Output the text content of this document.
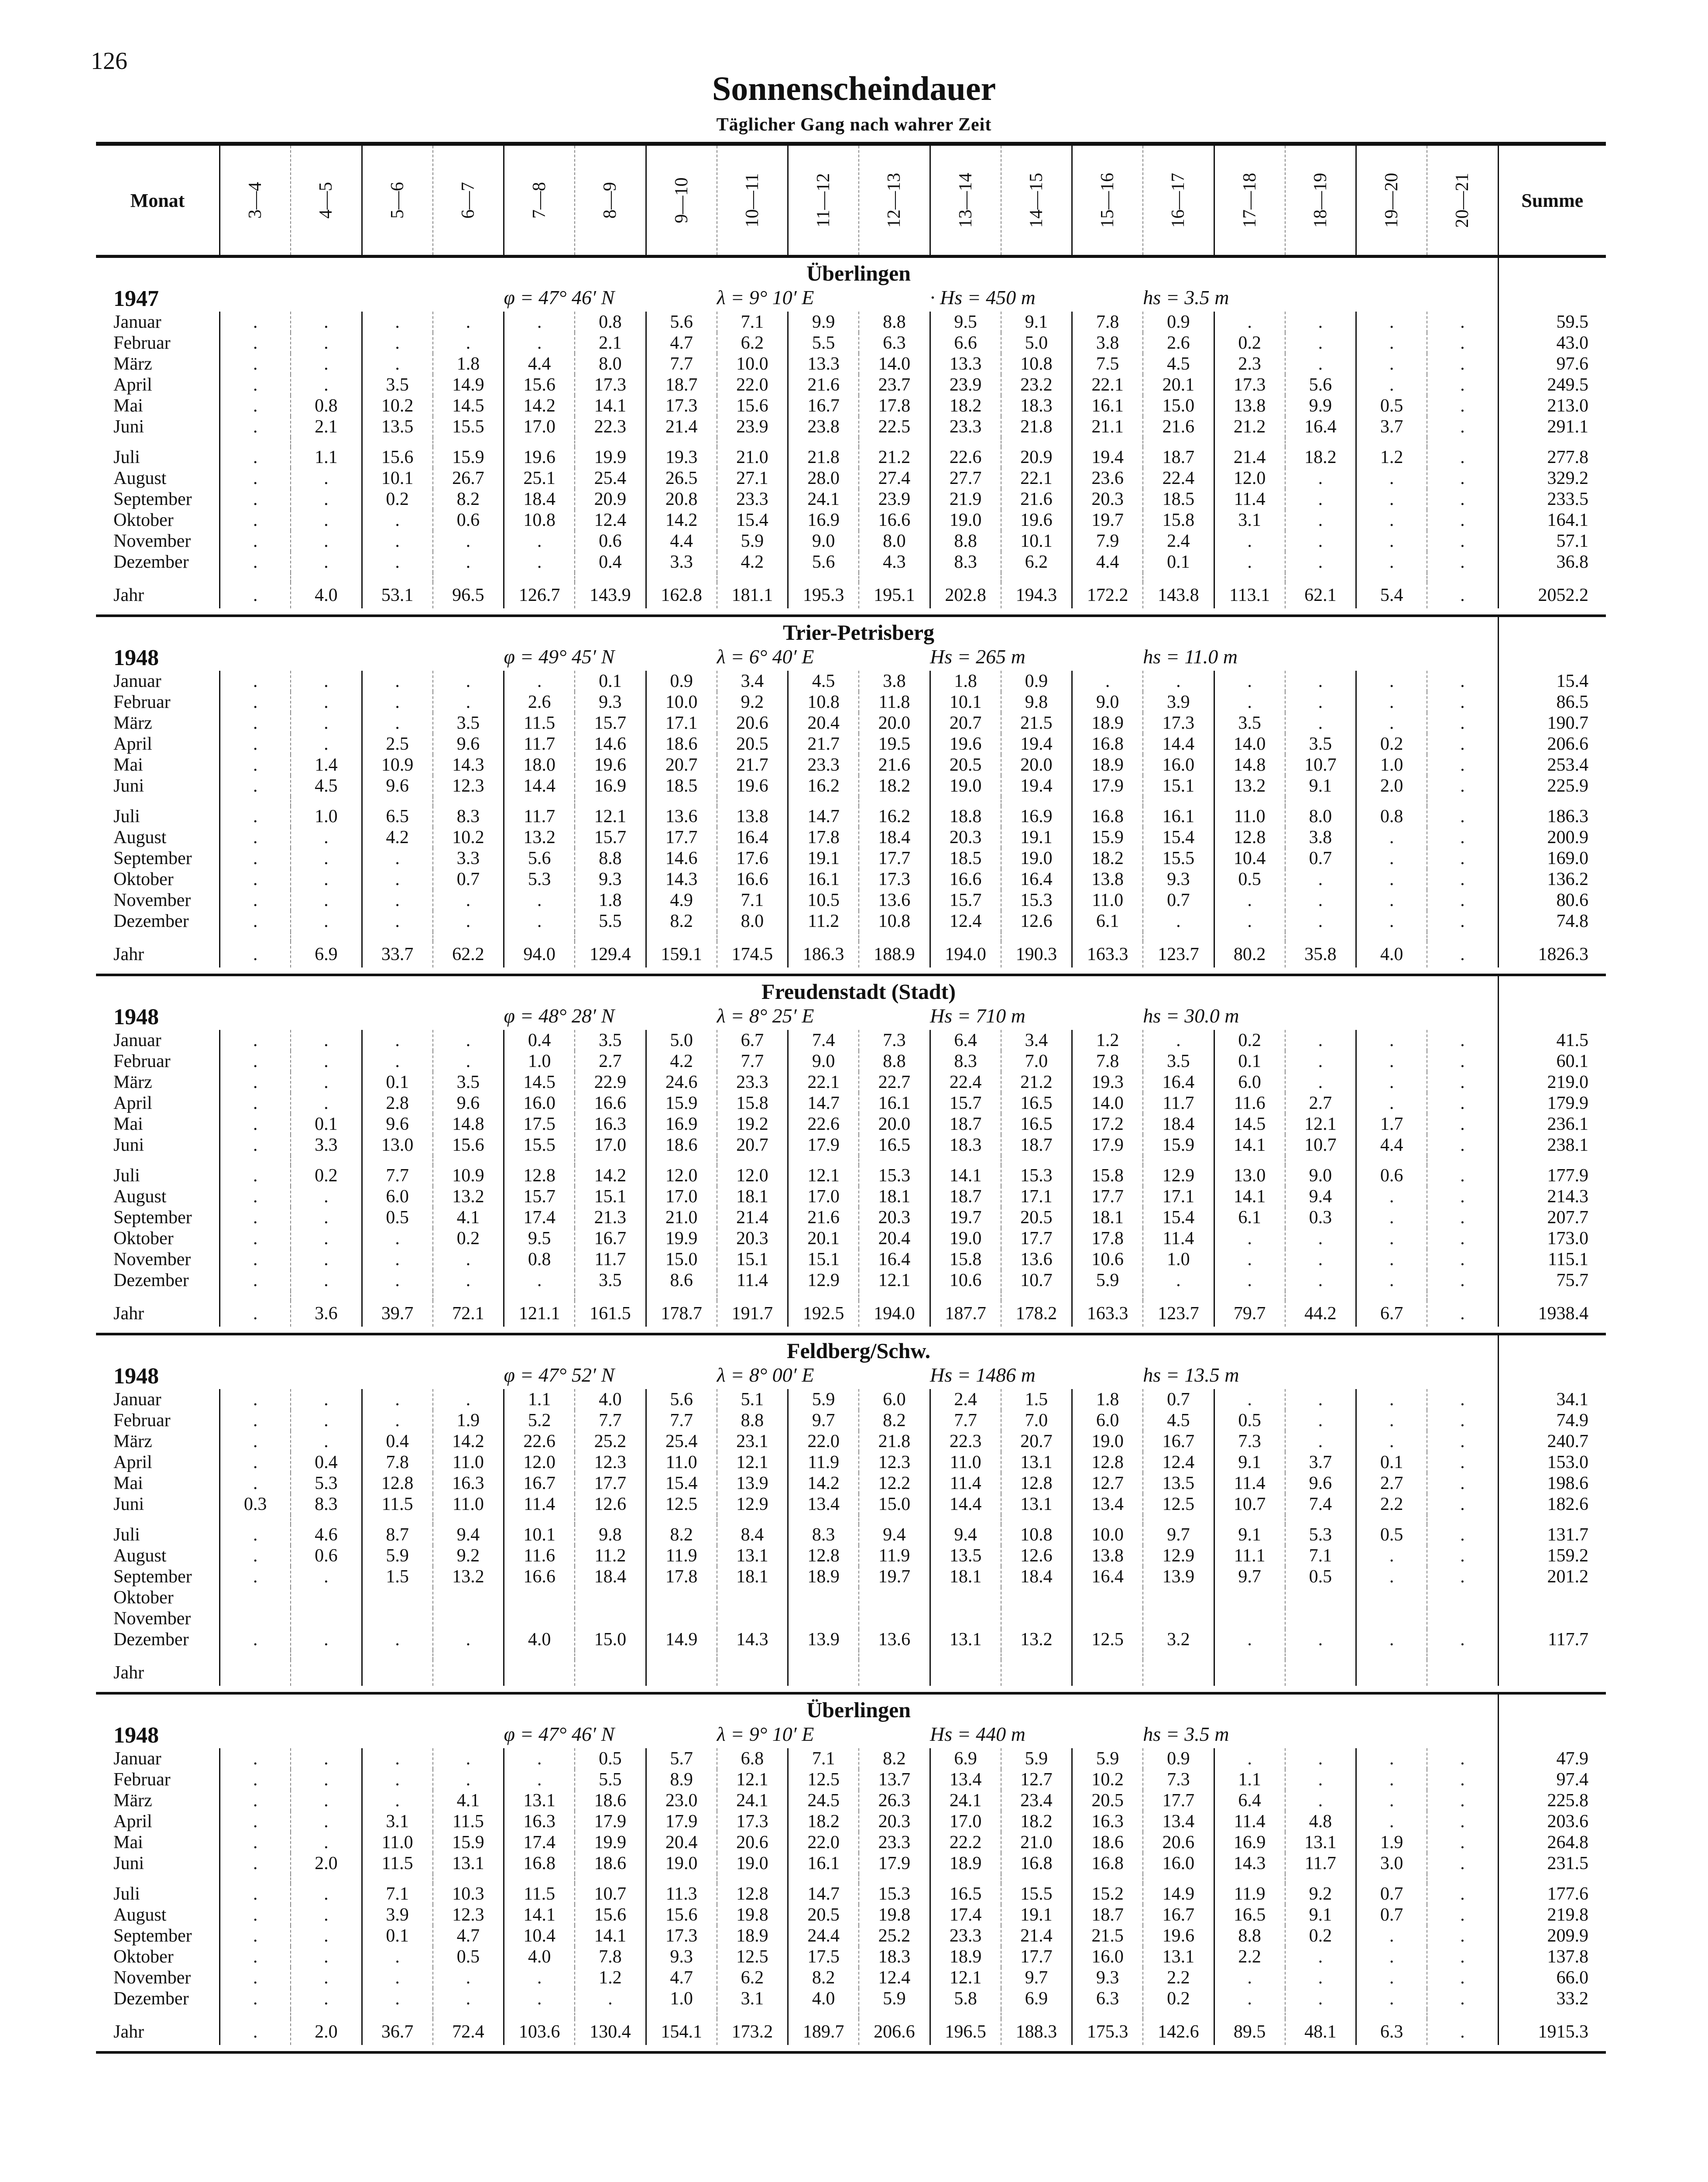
126
Sonnenscheindauer
Täglicher Gang nach wahrer Zeit
Monat	3—4	4—5	5—6	6—7	7—8	8—9	9—10	10—11	11—12	12—13	13—14	14—15	15—16	16—17	17—18	18—19	19—20	20—21	Summe
	Überlingen																		
1947					φ = 47° 46′ N			λ = 9° 10′ E			· Hs = 450 m			hs = 3.5 m					
Januar	.	.	.	.	.	0.8	5.6	7.1	9.9	8.8	9.5	9.1	7.8	0.9	.	.	.	.	59.5
Februar	.	.	.	.	.	2.1	4.7	6.2	5.5	6.3	6.6	5.0	3.8	2.6	0.2	.	.	.	43.0
März	.	.	.	1.8	4.4	8.0	7.7	10.0	13.3	14.0	13.3	10.8	7.5	4.5	2.3	.	.	.	97.6
April	.	.	3.5	14.9	15.6	17.3	18.7	22.0	21.6	23.7	23.9	23.2	22.1	20.1	17.3	5.6	.	.	249.5
Mai	.	0.8	10.2	14.5	14.2	14.1	17.3	15.6	16.7	17.8	18.2	18.3	16.1	15.0	13.8	9.9	0.5	.	213.0
Juni	.	2.1	13.5	15.5	17.0	22.3	21.4	23.9	23.8	22.5	23.3	21.8	21.1	21.6	21.2	16.4	3.7	.	291.1

Juli	.	1.1	15.6	15.9	19.6	19.9	19.3	21.0	21.8	21.2	22.6	20.9	19.4	18.7	21.4	18.2	1.2	.	277.8
August	.	.	10.1	26.7	25.1	25.4	26.5	27.1	28.0	27.4	27.7	22.1	23.6	22.4	12.0	.	.	.	329.2
September	.	.	0.2	8.2	18.4	20.9	20.8	23.3	24.1	23.9	21.9	21.6	20.3	18.5	11.4	.	.	.	233.5
Oktober	.	.	.	0.6	10.8	12.4	14.2	15.4	16.9	16.6	19.0	19.6	19.7	15.8	3.1	.	.	.	164.1
November	.	.	.	.	.	0.6	4.4	5.9	9.0	8.0	8.8	10.1	7.9	2.4	.	.	.	.	57.1
Dezember	.	.	.	.	.	0.4	3.3	4.2	5.6	4.3	8.3	6.2	4.4	0.1	.	.	.	.	36.8

Jahr	.	4.0	53.1	96.5	126.7	143.9	162.8	181.1	195.3	195.1	202.8	194.3	172.2	143.8	113.1	62.1	5.4	.	2052.2

	Trier-Petrisberg																		
1948					φ = 49° 45′ N			λ = 6° 40′ E			Hs = 265 m			hs = 11.0 m					
Januar	.	.	.	.	.	0.1	0.9	3.4	4.5	3.8	1.8	0.9	.	.	.	.	.	.	15.4
Februar	.	.	.	.	2.6	9.3	10.0	9.2	10.8	11.8	10.1	9.8	9.0	3.9	.	.	.	.	86.5
März	.	.	.	3.5	11.5	15.7	17.1	20.6	20.4	20.0	20.7	21.5	18.9	17.3	3.5	.	.	.	190.7
April	.	.	2.5	9.6	11.7	14.6	18.6	20.5	21.7	19.5	19.6	19.4	16.8	14.4	14.0	3.5	0.2	.	206.6
Mai	.	1.4	10.9	14.3	18.0	19.6	20.7	21.7	23.3	21.6	20.5	20.0	18.9	16.0	14.8	10.7	1.0	.	253.4
Juni	.	4.5	9.6	12.3	14.4	16.9	18.5	19.6	16.2	18.2	19.0	19.4	17.9	15.1	13.2	9.1	2.0	.	225.9

Juli	.	1.0	6.5	8.3	11.7	12.1	13.6	13.8	14.7	16.2	18.8	16.9	16.8	16.1	11.0	8.0	0.8	.	186.3
August	.	.	4.2	10.2	13.2	15.7	17.7	16.4	17.8	18.4	20.3	19.1	15.9	15.4	12.8	3.8	.	.	200.9
September	.	.	.	3.3	5.6	8.8	14.6	17.6	19.1	17.7	18.5	19.0	18.2	15.5	10.4	0.7	.	.	169.0
Oktober	.	.	.	0.7	5.3	9.3	14.3	16.6	16.1	17.3	16.6	16.4	13.8	9.3	0.5	.	.	.	136.2
November	.	.	.	.	.	1.8	4.9	7.1	10.5	13.6	15.7	15.3	11.0	0.7	.	.	.	.	80.6
Dezember	.	.	.	.	.	5.5	8.2	8.0	11.2	10.8	12.4	12.6	6.1	.	.	.	.	.	74.8

Jahr	.	6.9	33.7	62.2	94.0	129.4	159.1	174.5	186.3	188.9	194.0	190.3	163.3	123.7	80.2	35.8	4.0	.	1826.3

	Freudenstadt (Stadt)																		
1948					φ = 48° 28′ N			λ = 8° 25′ E			Hs = 710 m			hs = 30.0 m					
Januar	.	.	.	.	0.4	3.5	5.0	6.7	7.4	7.3	6.4	3.4	1.2	.	0.2	.	.	.	41.5
Februar	.	.	.	.	1.0	2.7	4.2	7.7	9.0	8.8	8.3	7.0	7.8	3.5	0.1	.	.	.	60.1
März	.	.	0.1	3.5	14.5	22.9	24.6	23.3	22.1	22.7	22.4	21.2	19.3	16.4	6.0	.	.	.	219.0
April	.	.	2.8	9.6	16.0	16.6	15.9	15.8	14.7	16.1	15.7	16.5	14.0	11.7	11.6	2.7	.	.	179.9
Mai	.	0.1	9.6	14.8	17.5	16.3	16.9	19.2	22.6	20.0	18.7	16.5	17.2	18.4	14.5	12.1	1.7	.	236.1
Juni	.	3.3	13.0	15.6	15.5	17.0	18.6	20.7	17.9	16.5	18.3	18.7	17.9	15.9	14.1	10.7	4.4	.	238.1

Juli	.	0.2	7.7	10.9	12.8	14.2	12.0	12.0	12.1	15.3	14.1	15.3	15.8	12.9	13.0	9.0	0.6	.	177.9
August	.	.	6.0	13.2	15.7	15.1	17.0	18.1	17.0	18.1	18.7	17.1	17.7	17.1	14.1	9.4	.	.	214.3
September	.	.	0.5	4.1	17.4	21.3	21.0	21.4	21.6	20.3	19.7	20.5	18.1	15.4	6.1	0.3	.	.	207.7
Oktober	.	.	.	0.2	9.5	16.7	19.9	20.3	20.1	20.4	19.0	17.7	17.8	11.4	.	.	.	.	173.0
November	.	.	.	.	0.8	11.7	15.0	15.1	15.1	16.4	15.8	13.6	10.6	1.0	.	.	.	.	115.1
Dezember	.	.	.	.	.	3.5	8.6	11.4	12.9	12.1	10.6	10.7	5.9	.	.	.	.	.	75.7

Jahr	.	3.6	39.7	72.1	121.1	161.5	178.7	191.7	192.5	194.0	187.7	178.2	163.3	123.7	79.7	44.2	6.7	.	1938.4

	Feldberg/Schw.																		
1948					φ = 47° 52′ N			λ = 8° 00′ E			Hs = 1486 m			hs = 13.5 m					
Januar	.	.	.	.	1.1	4.0	5.6	5.1	5.9	6.0	2.4	1.5	1.8	0.7	.	.	.	.	34.1
Februar	.	.	.	1.9	5.2	7.7	7.7	8.8	9.7	8.2	7.7	7.0	6.0	4.5	0.5	.	.	.	74.9
März	.	.	0.4	14.2	22.6	25.2	25.4	23.1	22.0	21.8	22.3	20.7	19.0	16.7	7.3	.	.	.	240.7
April	.	0.4	7.8	11.0	12.0	12.3	11.0	12.1	11.9	12.3	11.0	13.1	12.8	12.4	9.1	3.7	0.1	.	153.0
Mai	.	5.3	12.8	16.3	16.7	17.7	15.4	13.9	14.2	12.2	11.4	12.8	12.7	13.5	11.4	9.6	2.7	.	198.6
Juni	0.3	8.3	11.5	11.0	11.4	12.6	12.5	12.9	13.4	15.0	14.4	13.1	13.4	12.5	10.7	7.4	2.2	.	182.6

Juli	.	4.6	8.7	9.4	10.1	9.8	8.2	8.4	8.3	9.4	9.4	10.8	10.0	9.7	9.1	5.3	0.5	.	131.7
August	.	0.6	5.9	9.2	11.6	11.2	11.9	13.1	12.8	11.9	13.5	12.6	13.8	12.9	11.1	7.1	.	.	159.2
September	.	.	1.5	13.2	16.6	18.4	17.8	18.1	18.9	19.7	18.1	18.4	16.4	13.9	9.7	0.5	.	.	201.2
Oktober																			
November																			
Dezember	.	.	.	.	4.0	15.0	14.9	14.3	13.9	13.6	13.1	13.2	12.5	3.2	.	.	.	.	117.7

Jahr																			

	Überlingen																		
1948					φ = 47° 46′ N			λ = 9° 10′ E			Hs = 440 m			hs = 3.5 m					
Januar	.	.	.	.	.	0.5	5.7	6.8	7.1	8.2	6.9	5.9	5.9	0.9	.	.	.	.	47.9
Februar	.	.	.	.	.	5.5	8.9	12.1	12.5	13.7	13.4	12.7	10.2	7.3	1.1	.	.	.	97.4
März	.	.	.	4.1	13.1	18.6	23.0	24.1	24.5	26.3	24.1	23.4	20.5	17.7	6.4	.	.	.	225.8
April	.	.	3.1	11.5	16.3	17.9	17.9	17.3	18.2	20.3	17.0	18.2	16.3	13.4	11.4	4.8	.	.	203.6
Mai	.	.	11.0	15.9	17.4	19.9	20.4	20.6	22.0	23.3	22.2	21.0	18.6	20.6	16.9	13.1	1.9	.	264.8
Juni	.	2.0	11.5	13.1	16.8	18.6	19.0	19.0	16.1	17.9	18.9	16.8	16.8	16.0	14.3	11.7	3.0	.	231.5

Juli	.	.	7.1	10.3	11.5	10.7	11.3	12.8	14.7	15.3	16.5	15.5	15.2	14.9	11.9	9.2	0.7	.	177.6
August	.	.	3.9	12.3	14.1	15.6	15.6	19.8	20.5	19.8	17.4	19.1	18.7	16.7	16.5	9.1	0.7	.	219.8
September	.	.	0.1	4.7	10.4	14.1	17.3	18.9	24.4	25.2	23.3	21.4	21.5	19.6	8.8	0.2	.	.	209.9
Oktober	.	.	.	0.5	4.0	7.8	9.3	12.5	17.5	18.3	18.9	17.7	16.0	13.1	2.2	.	.	.	137.8
November	.	.	.	.	.	1.2	4.7	6.2	8.2	12.4	12.1	9.7	9.3	2.2	.	.	.	.	66.0
Dezember	.	.	.	.	.	.	1.0	3.1	4.0	5.9	5.8	6.9	6.3	0.2	.	.	.	.	33.2

Jahr	.	2.0	36.7	72.4	103.6	130.4	154.1	173.2	189.7	206.6	196.5	188.3	175.3	142.6	89.5	48.1	6.3	.	1915.3
